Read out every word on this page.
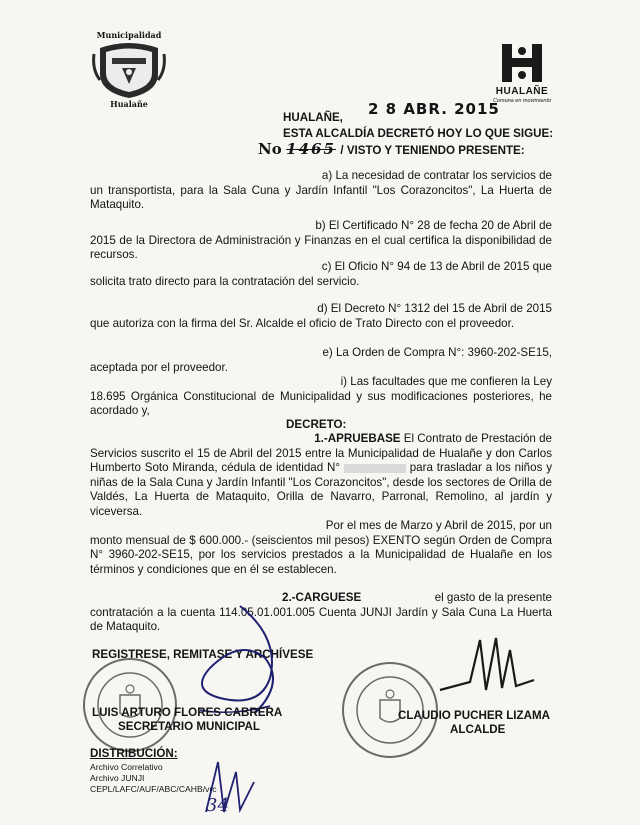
Municipalidad
Hualañe
HUALAÑE
Comuna en movimiento
HUALAÑE, 2 8 ABR. 2015
ESTA ALCALDÍA DECRETÓ HOY LO QUE SIGUE:
No 1465 / VISTO Y TENIENDO PRESENTE:
a) La necesidad de contratar los servicios de
un transportista, para la Sala Cuna y Jardín Infantil "Los Corazoncitos", La Huerta de Mataquito.
b) El Certificado N° 28 de fecha 20 de Abril de
2015 de la Directora de Administración y Finanzas en el cual certifica la disponibilidad de recursos.
c) El Oficio N° 94 de 13 de Abril de 2015 que
solicita trato directo para la contratación del servicio.
d) El Decreto N° 1312 del 15 de Abril de 2015
que autoriza con la firma del Sr. Alcalde el oficio de Trato Directo con el proveedor.
e) La Orden de Compra N°: 3960-202-SE15,
aceptada por el proveedor.
i) Las facultades que me confieren la Ley
18.695 Orgánica Constitucional de Municipalidad y sus modificaciones posteriores, he acordado y,
DECRETO:
1.-APRUEBASE El Contrato de Prestación de
Servicios suscrito el 15 de Abril del 2015 entre la Municipalidad de Hualañe y don Carlos Humberto Soto Miranda, cédula de identidad N°	para trasladar a los niños y niñas de la Sala Cuna y Jardín Infantil "Los Corazoncitos", desde los sectores de Orilla de Valdés, La Huerta de Mataquito, Orilla de Navarro, Parronal, Remolino, al jardín y viceversa.
Por el mes de Marzo y Abril de 2015, por un
monto mensual de $ 600.000.- (seiscientos mil pesos) EXENTO según Orden de Compra N° 3960-202-SE15, por los servicios prestados a la Municipalidad de Hualañe en los términos y condiciones que en él se establecen.
2.-CARGUESE	el gasto de la presente
contratación a la cuenta 114.05.01.001.005 Cuenta JUNJI Jardín y Sala Cuna La Huerta de Mataquito.
REGISTRESE, REMITASE Y ARCHÍVESE
LUIS ARTURO FLORES CABRERA
SECRETARIO MUNICIPAL
CLAUDIO PUCHER LIZAMA
ALCALDE
DISTRIBUCIÓN:
Archivo Correlativo
Archivo JUNJI
CEPL/LAFC/AUF/ABC/CAHB/vrc
34
